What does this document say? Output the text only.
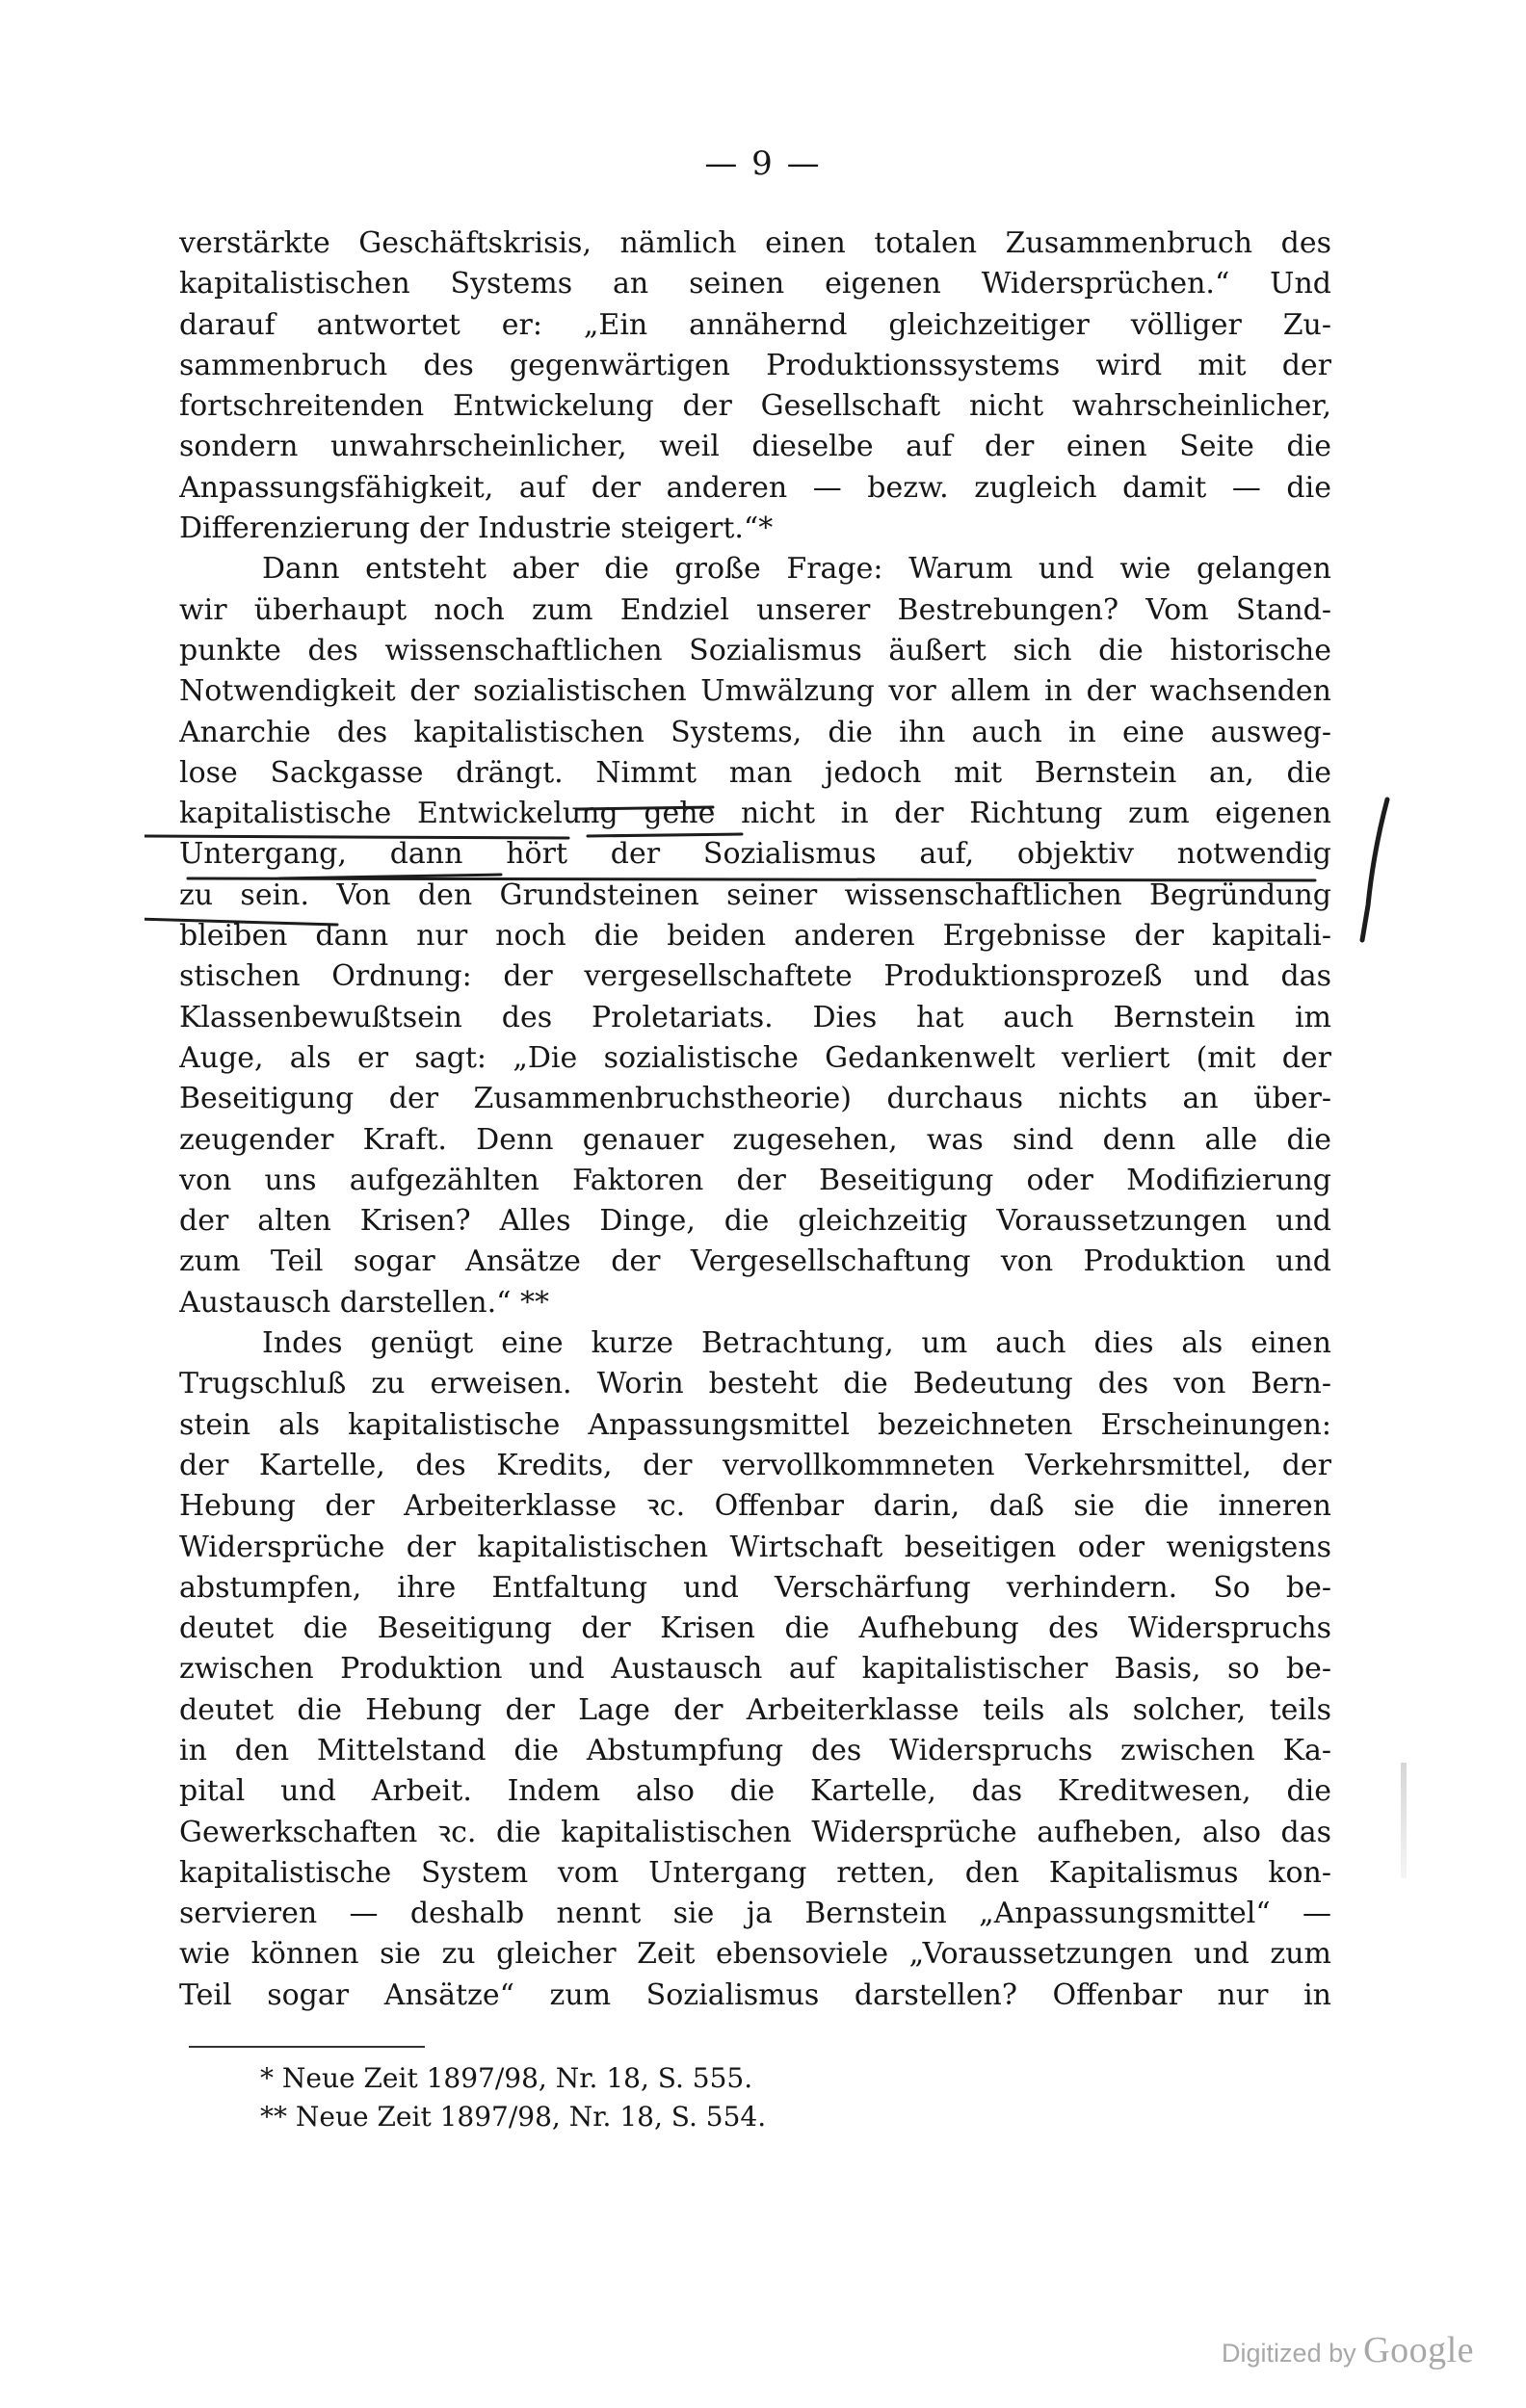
— 9 —
verstärkte Geschäftskrisis, nämlich einen totalen Zusammenbruch des
kapitalistischen Systems an seinen eigenen Widersprüchen.“ Und
darauf antwortet er: „Ein annähernd gleichzeitiger völliger Zu-
sammenbruch des gegenwärtigen Produktionssystems wird mit der
fortschreitenden Entwickelung der Gesellschaft nicht wahrscheinlicher,
sondern unwahrscheinlicher, weil dieselbe auf der einen Seite die
Anpassungsfähigkeit, auf der anderen — bezw. zugleich damit — die
Differenzierung der Industrie steigert.“*
Dann entsteht aber die große Frage: Warum und wie gelangen
wir überhaupt noch zum Endziel unserer Bestrebungen? Vom Stand-
punkte des wissenschaftlichen Sozialismus äußert sich die historische
Notwendigkeit der sozialistischen Umwälzung vor allem in der wachsenden
Anarchie des kapitalistischen Systems, die ihn auch in eine ausweg-
lose Sackgasse drängt. Nimmt man jedoch mit Bernstein an, die
kapitalistische Entwickelung gehe nicht in der Richtung zum eigenen
Untergang, dann hört der Sozialismus auf, objektiv notwendig
zu sein. Von den Grundsteinen seiner wissenschaftlichen Begründung
bleiben dann nur noch die beiden anderen Ergebnisse der kapitali-
stischen Ordnung: der vergesellschaftete Produktionsprozeß und das
Klassenbewußtsein des Proletariats. Dies hat auch Bernstein im
Auge, als er sagt: „Die sozialistische Gedankenwelt verliert (mit der
Beseitigung der Zusammenbruchstheorie) durchaus nichts an über-
zeugender Kraft. Denn genauer zugesehen, was sind denn alle die
von uns aufgezählten Faktoren der Beseitigung oder Modifizierung
der alten Krisen? Alles Dinge, die gleichzeitig Voraussetzungen und
zum Teil sogar Ansätze der Vergesellschaftung von Produktion und
Austausch darstellen.“ **
Indes genügt eine kurze Betrachtung, um auch dies als einen
Trugschluß zu erweisen. Worin besteht die Bedeutung des von Bern-
stein als kapitalistische Anpassungsmittel bezeichneten Erscheinungen:
der Kartelle, des Kredits, der vervollkommneten Verkehrsmittel, der
Hebung der Arbeiterklasse ꝛc. Offenbar darin, daß sie die inneren
Widersprüche der kapitalistischen Wirtschaft beseitigen oder wenigstens
abstumpfen, ihre Entfaltung und Verschärfung verhindern. So be-
deutet die Beseitigung der Krisen die Aufhebung des Widerspruchs
zwischen Produktion und Austausch auf kapitalistischer Basis, so be-
deutet die Hebung der Lage der Arbeiterklasse teils als solcher, teils
in den Mittelstand die Abstumpfung des Widerspruchs zwischen Ka-
pital und Arbeit. Indem also die Kartelle, das Kreditwesen, die
Gewerkschaften ꝛc. die kapitalistischen Widersprüche aufheben, also das
kapitalistische System vom Untergang retten, den Kapitalismus kon-
servieren — deshalb nennt sie ja Bernstein „Anpassungsmittel“ —
wie können sie zu gleicher Zeit ebensoviele „Voraussetzungen und zum
Teil sogar Ansätze“ zum Sozialismus darstellen? Offenbar nur in
* Neue Zeit 1897/98, Nr. 18, S. 555.
** Neue Zeit 1897/98, Nr. 18, S. 554.
Digitized by Google
